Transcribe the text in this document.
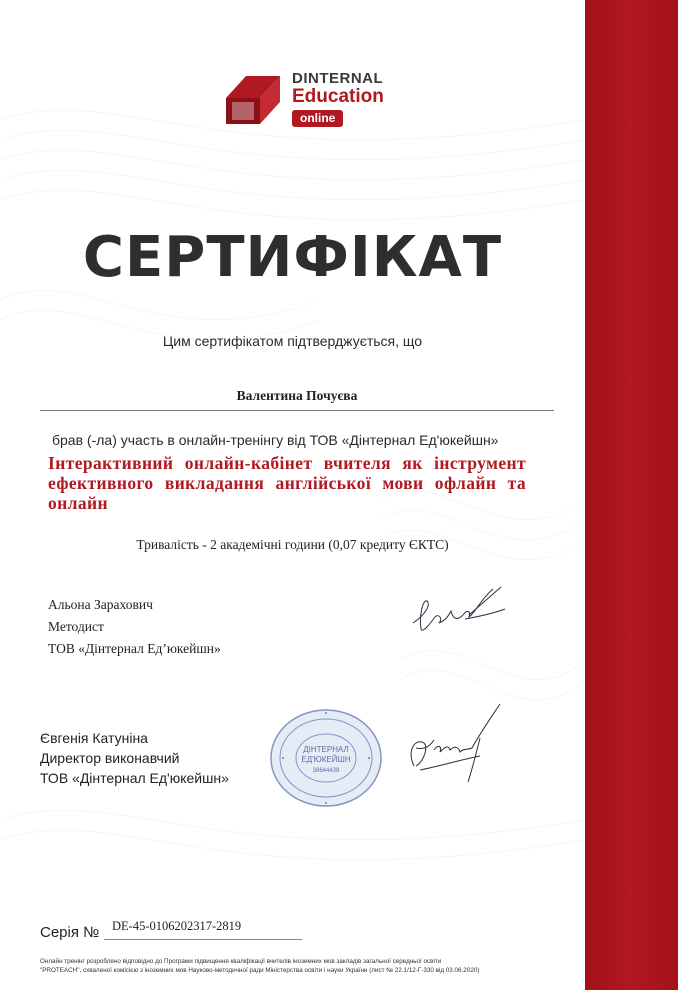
DINTERNAL
Education
online
СЕРТИФІКАТ
Цим сертифікатом підтверджується, що
Валентина Почуєва
брав (-ла) участь в онлайн-тренінгу від ТОВ «Дінтернал Ед'юкейшн»
Інтерактивний онлайн-кабінет вчителя як інструмент ефективного викладання англійської мови офлайн та онлайн
Тривалість - 2 академічні години (0,07 кредиту ЄКТС)
Альона Зарахович
Методист
ТОВ «Дінтернал Ед’юкейшн»
ДІНТЕРНАЛ
ЕД'ЮКЕЙШН
38644438
Євгенія Катуніна
Директор виконавчий
ТОВ «Дінтернал Ед'юкейшн»
Серія № DE-45-0106202317-2819
Онлайн тренінг розроблено відповідно до Програми підвищення кваліфікації вчителів іноземних мов закладів загальної середньої освіти
"PROTEACH", схваленої комісією з іноземних мов Науково-методичної ради Міністерства освіти і науки України (лист № 22.1/12-Г-330 від 03.06.2020)
